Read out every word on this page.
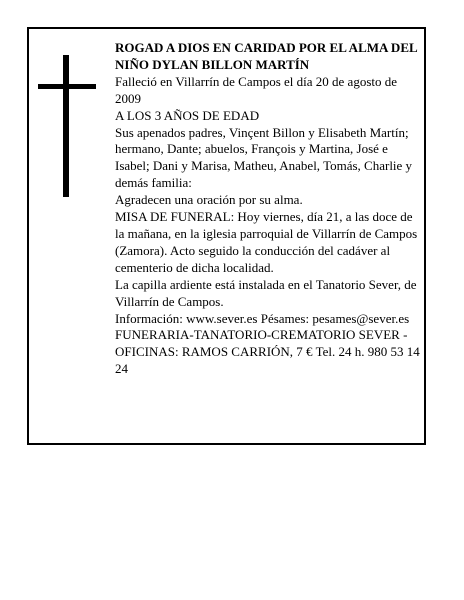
ROGAD A DIOS EN CARIDAD POR EL ALMA DEL NIÑO DYLAN BILLON MARTÍN

Falleció en Villarrín de Campos el día 20 de agosto de 2009

A LOS 3 AÑOS DE EDAD

Sus apenados padres, Vinçent Billon y Elisabeth Martín; hermano, Dante; abuelos, François y Martina, José e Isabel; Dani y Marisa, Matheu, Anabel, Tomás, Charlie y demás familia:

Agradecen una oración por su alma.

MISA DE FUNERAL: Hoy viernes, día 21, a las doce de la mañana, en la iglesia parroquial de Villarrín de Campos (Zamora). Acto seguido la conducción del cadáver al cementerio de dicha localidad.

La capilla ardiente está instalada en el Tanatorio Sever, de Villarrín de Campos.

Información: www.sever.es Pésames: pesames@sever.es

FUNERARIA-TANATORIO-CREMATORIO SEVER - OFICINAS: RAMOS CARRIÓN, 7 € Tel. 24 h. 980 53 14 24
